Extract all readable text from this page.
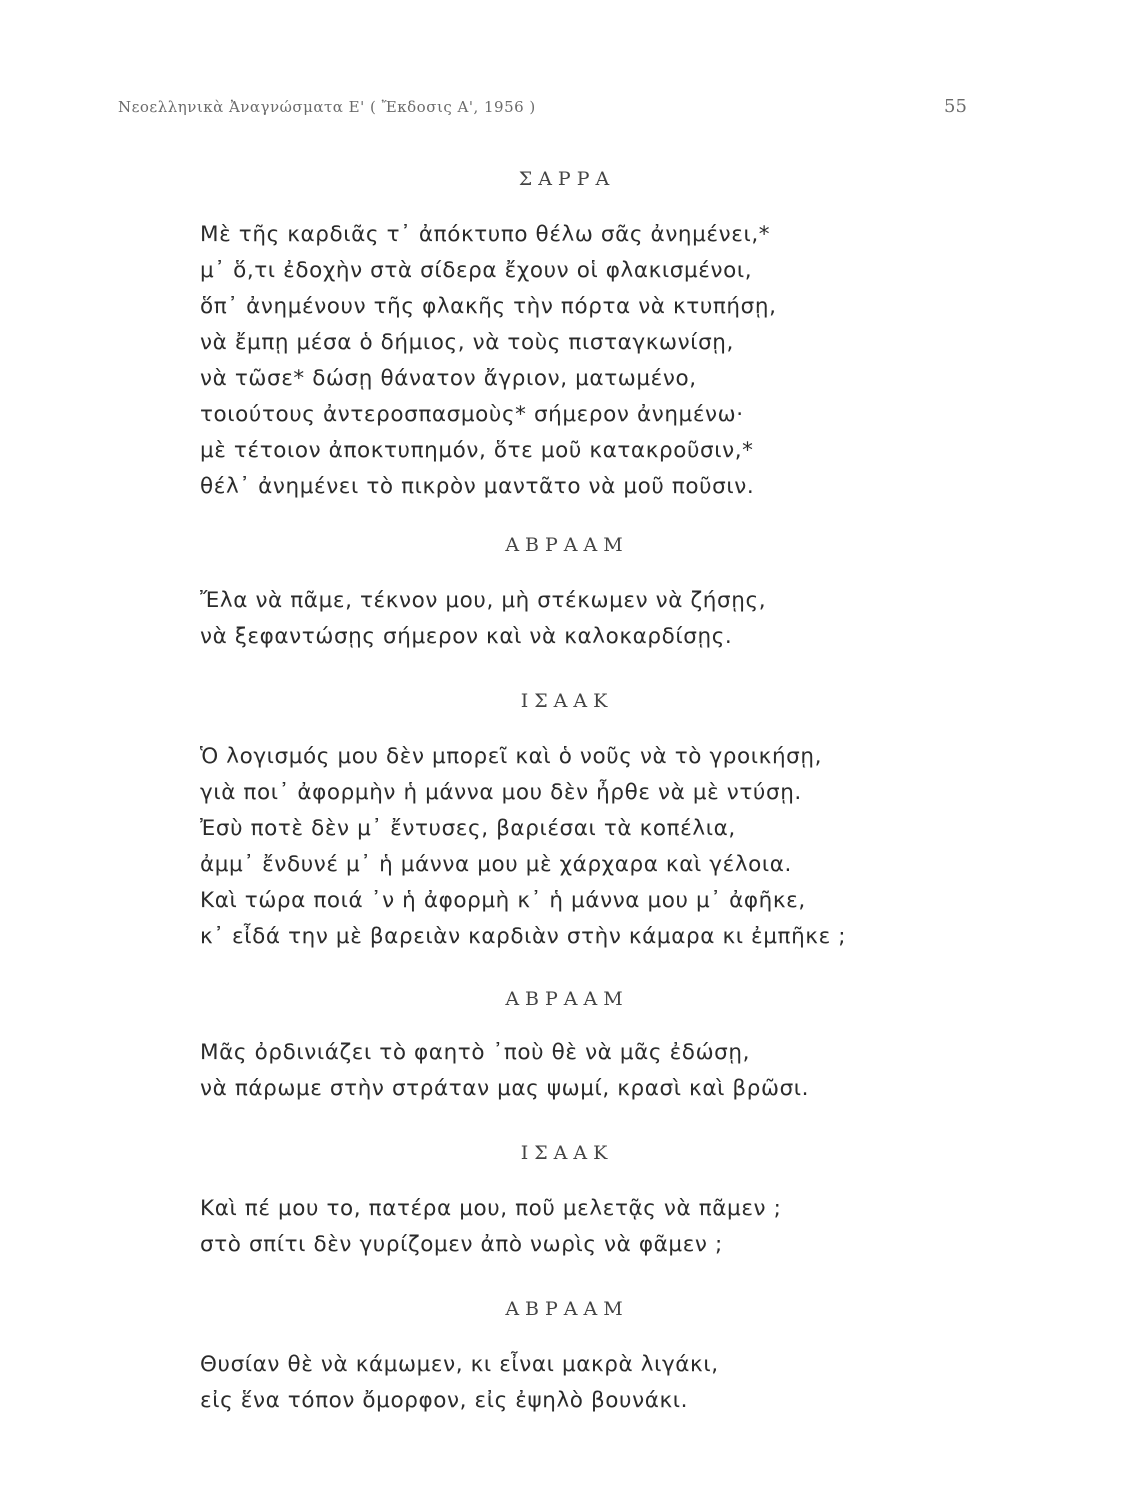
Νεοελληνικὰ Ἀναγνώσματα Ε' ( Ἔκδοσις Α', 1956 )	55
ΣΑΡΡΑ
Μὲ τῆς καρδιᾶς τ᾽ ἀπόκτυπο θέλω σᾶς ἀνημένει,*
μ᾽ ὅ,τι ἐδοχὴν στὰ σίδερα ἔχουν οἱ φλακισμένοι,
ὅπ᾽ ἀνημένουν τῆς φλακῆς τὴν πόρτα νὰ κτυπήσῃ,
νὰ ἔμπῃ μέσα ὁ δήμιος, νὰ τοὺς πισταγκωνίσῃ,
νὰ τῶσε* δώσῃ θάνατον ἄγριον, ματωμένο,
τοιούτους ἀντεροσπασμοὺς* σήμερον ἀνημένω·
μὲ τέτοιον ἀποκτυπημόν, ὅτε μοῦ κατακροῦσιν,*
θέλ᾽ ἀνημένει τὸ πικρὸν μαντᾶτο νὰ μοῦ ποῦσιν.
ΑΒΡΑΑΜ
Ἔλα νὰ πᾶμε, τέκνον μου, μὴ στέκωμεν νὰ ζήσῃς,
νὰ ξεφαντώσῃς σήμερον καὶ νὰ καλοκαρδίσῃς.
ΙΣΑΑΚ
Ὁ λογισμός μου δὲν μπορεῖ καὶ ὁ νοῦς νὰ τὸ γροικήσῃ,
γιὰ ποι᾽ ἀφορμὴν ἡ μάννα μου δὲν ἦρθε νὰ μὲ ντύσῃ.
Ἐσὺ ποτὲ δὲν μ᾽ ἔντυσες, βαριέσαι τὰ κοπέλια,
ἀμμ᾽ ἔνδυνέ μ᾽ ἡ μάννα μου μὲ χάρχαρα καὶ γέλοια.
Καὶ τώρα ποιά ᾽ν ἡ ἀφορμὴ κ᾽ ἡ μάννα μου μ᾽ ἀφῆκε,
κ᾽ εἶδά την μὲ βαρειὰν καρδιὰν στὴν κάμαρα κι ἐμπῆκε ;
ΑΒΡΑΑΜ
Μᾶς ὀρδινιάζει τὸ φαητὸ ᾽ποὺ θὲ νὰ μᾶς ἐδώσῃ,
νὰ πάρωμε στὴν στράταν μας ψωμί, κρασὶ καὶ βρῶσι.
ΙΣΑΑΚ
Καὶ πέ μου το, πατέρα μου, ποῦ μελετᾷς νὰ πᾶμεν ;
στὸ σπίτι δὲν γυρίζομεν ἀπὸ νωρὶς νὰ φᾶμεν ;
ΑΒΡΑΑΜ
Θυσίαν θὲ νὰ κάμωμεν, κι εἶναι μακρὰ λιγάκι,
εἰς ἕνα τόπον ὄμορφον, εἰς ἐψηλὸ βουνάκι.
